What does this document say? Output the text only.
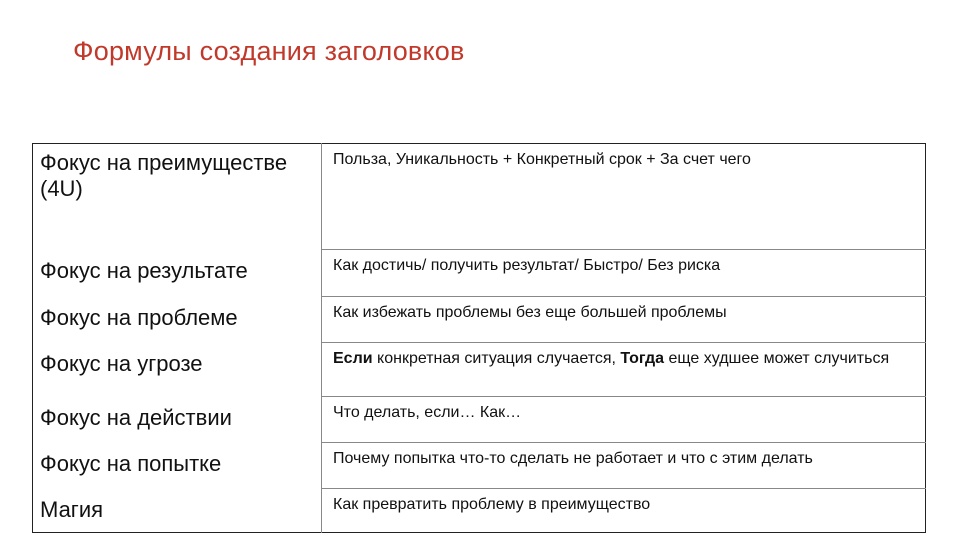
Формулы создания заголовков
Фокус на преимуществе (4U)	Польза, Уникальность + Конкретный срок + За счет чего
Фокус на результате	Как достичь/ получить результат/ Быстро/ Без риска
Фокус на проблеме	Как избежать проблемы без еще большей проблемы
Фокус на угрозе	Если конкретная ситуация случается, Тогда еще худшее может случиться
Фокус на действии	Что делать, если… Как…
Фокус на попытке	Почему попытка что-то сделать не работает и что с этим делать
Магия	Как превратить проблему в преимущество
